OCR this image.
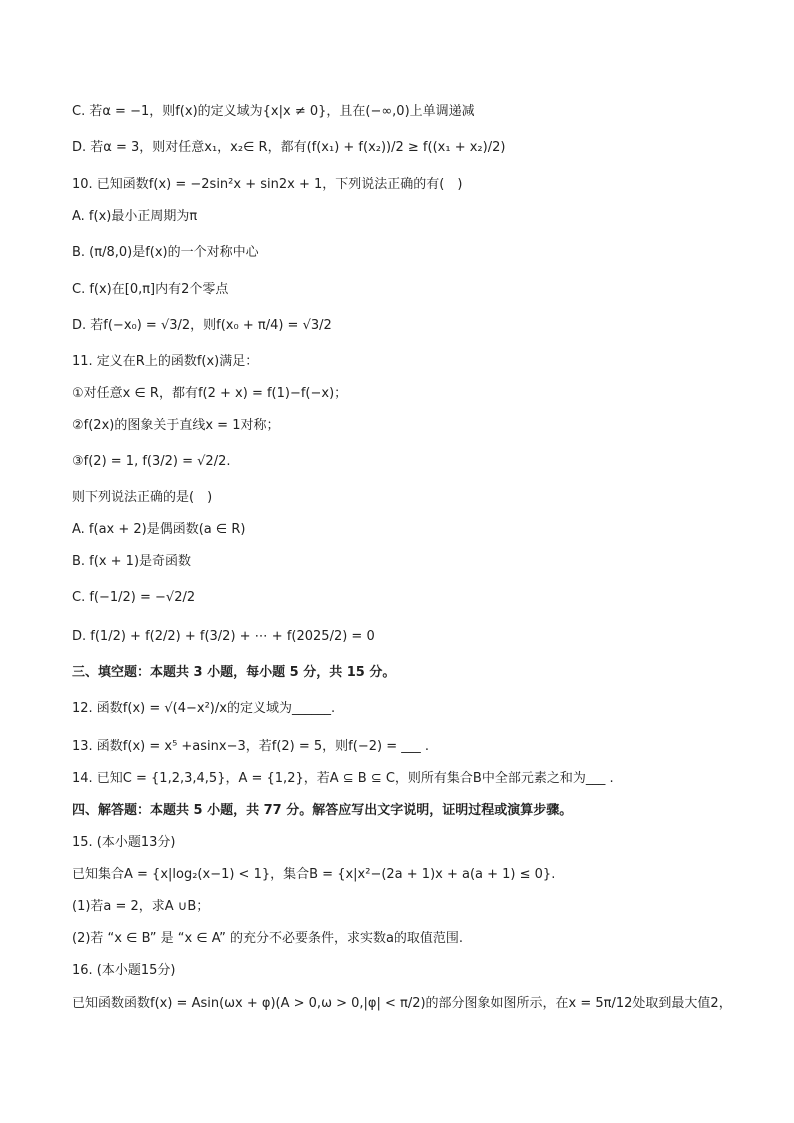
C. 若α = −1，则f(x)的定义域为{x|x ≠ 0}，且在(−∞,0)上单调递减
D. 若α = 3，则对任意x₁，x₂∈ R，都有(f(x₁) + f(x₂))/2 ≥ f((x₁ + x₂)/2)
10. 已知函数f(x) = −2sin²x + sin2x + 1，下列说法正确的有(　)
A. f(x)最小正周期为π
B. (π/8,0)是f(x)的一个对称中心
C. f(x)在[0,π]内有2个零点
D. 若f(−x₀) = √3/2，则f(x₀ + π/4) = √3/2
11. 定义在R上的函数f(x)满足：
①对任意x ∈ R，都有f(2 + x) = f(1)−f(−x)；
②f(2x)的图象关于直线x = 1对称；
③f(2) = 1, f(3/2) = √2/2.
则下列说法正确的是(　)
A. f(ax + 2)是偶函数(a ∈ R)
B. f(x + 1)是奇函数
C. f(−1/2) = −√2/2
D. f(1/2) + f(2/2) + f(3/2) + ⋯ + f(2025/2) = 0
三、填空题：本题共 3 小题，每小题 5 分，共 15 分。
12. 函数f(x) = √(4−x²)/x的定义域为______.
13. 函数f(x) = x⁵ +asinx−3，若f(2) = 5，则f(−2) = ___ .
14. 已知C = {1,2,3,4,5}，A = {1,2}，若A ⊆ B ⊆ C，则所有集合B中全部元素之和为___ .
四、解答题：本题共 5 小题，共 77 分。解答应写出文字说明，证明过程或演算步骤。
15. (本小题13分)
已知集合A = {x|log₂(x−1) < 1}，集合B = {x|x²−(2a + 1)x + a(a + 1) ≤ 0}.
(1)若a = 2，求A ∪B；
(2)若 “x ∈ B” 是 “x ∈ A” 的充分不必要条件，求实数a的取值范围.
16. (本小题15分)
已知函数函数f(x) = Asin(ωx + φ)(A > 0,ω > 0,|φ| < π/2)的部分图象如图所示，在x = 5π/12处取到最大值2，
